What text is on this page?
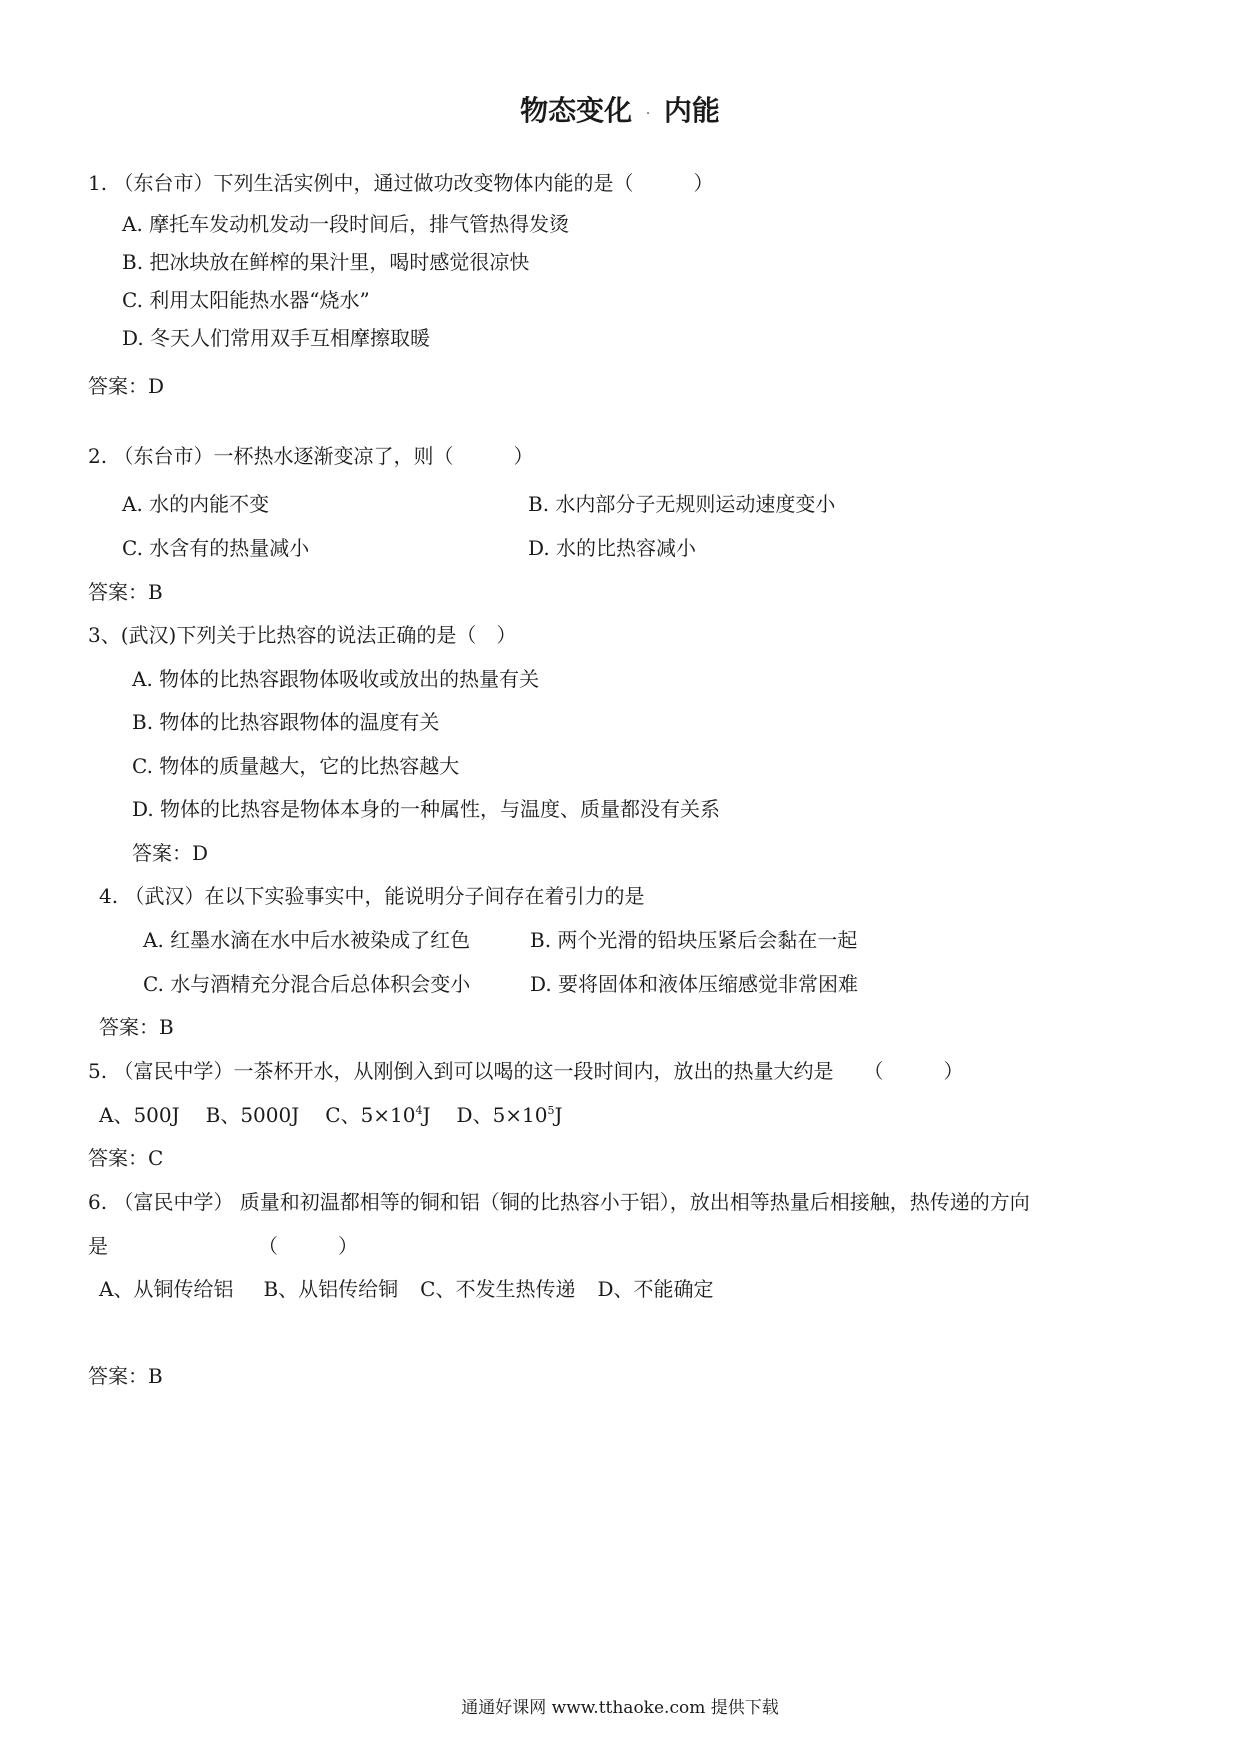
物态变化 . 内能
1. （东台市）下列生活实例中，通过做功改变物体内能的是（　　　）
A. 摩托车发动机发动一段时间后，排气管热得发烫
B. 把冰块放在鲜榨的果汁里，喝时感觉很凉快
C. 利用太阳能热水器“烧水”
D. 冬天人们常用双手互相摩擦取暖
答案：D
2. （东台市）一杯热水逐渐变凉了，则（　　　）
A. 水的内能不变	B. 水内部分子无规则运动速度变小
C. 水含有的热量减小	D. 水的比热容减小
答案：B
3、(武汉)下列关于比热容的说法正确的是（　）
A. 物体的比热容跟物体吸收或放出的热量有关
B. 物体的比热容跟物体的温度有关
C. 物体的质量越大，它的比热容越大
D. 物体的比热容是物体本身的一种属性，与温度、质量都没有关系
答案：D
4. （武汉）在以下实验事实中，能说明分子间存在着引力的是
A. 红墨水滴在水中后水被染成了红色	B. 两个光滑的铅块压紧后会黏在一起
C. 水与酒精充分混合后总体积会变小	D. 要将固体和液体压缩感觉非常困难
答案：B
5. （富民中学）一茶杯开水，从刚倒入到可以喝的这一段时间内，放出的热量大约是　　（　　　）
A、500J B、5000J C、$5\times 10^4J$ D、$5\times 10^5J$
答案：C
6. （富民中学） 质量和初温都相等的铜和铝（铜的比热容小于铝），放出相等热量后相接触，热传递的方向
是　　　　　　　　（　　　）
A、从铜传给铝 B、从铝传给铜 C、不发生热传递 D、不能确定
答案：B
通通好课网 www.tthaoke.com 提供下载
